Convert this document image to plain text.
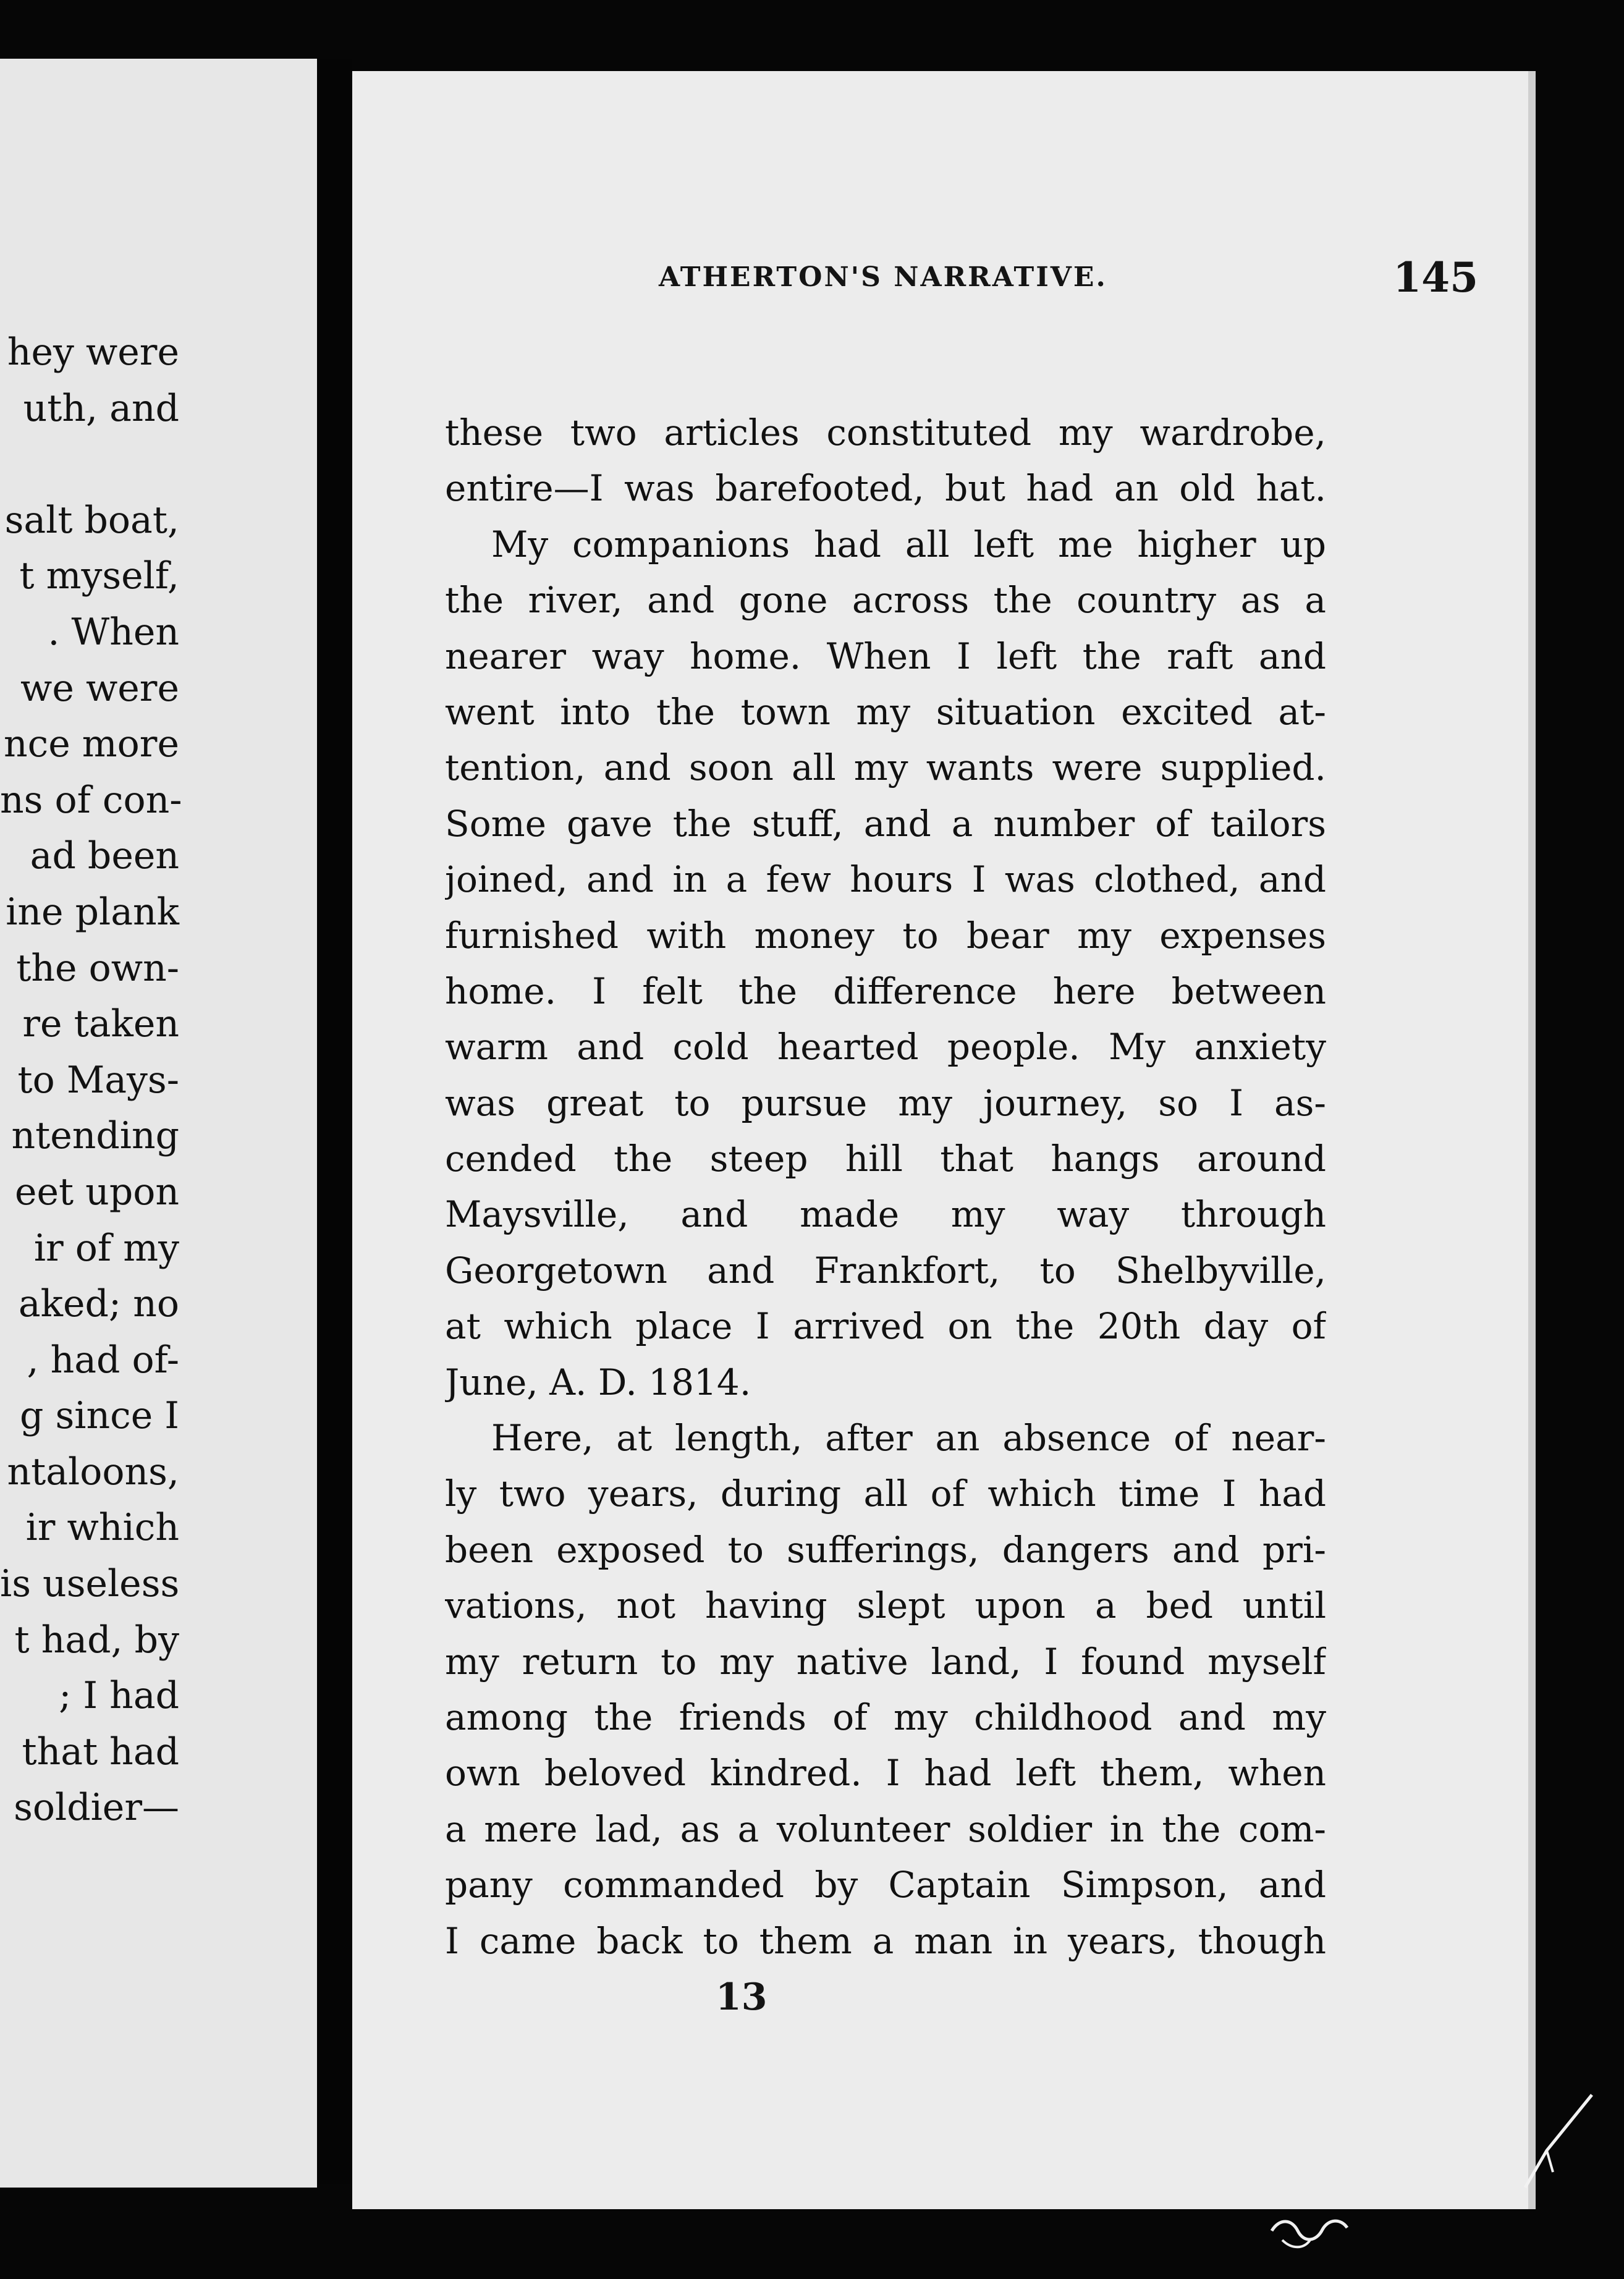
hey were
uth, and
salt boat,
t myself,
. When
we were
nce more
ns of con-
ad been
ine plank
the own-
re taken
to Mays-
ntending
eet upon
ir of my
aked; no
, had of-
g since I
ntaloons,
ir which
is useless
t had, by
; I had
that had
soldier—
ATHERTON'S NARRATIVE.	145
these two articles constituted my wardrobe,
entire—I was barefooted, but had an old hat.
My companions had all left me higher up
the river, and gone across the country as a
nearer way home. When I left the raft and
went into the town my situation excited at-
tention, and soon all my wants were supplied.
Some gave the stuff, and a number of tailors
joined, and in a few hours I was clothed, and
furnished with money to bear my expenses
home. I felt the difference here between
warm and cold hearted people. My anxiety
was great to pursue my journey, so I as-
cended the steep hill that hangs around
Maysville, and made my way through
Georgetown and Frankfort, to Shelbyville,
at which place I arrived on the 20th day of
June, A. D. 1814.
Here, at length, after an absence of near-
ly two years, during all of which time I had
been exposed to sufferings, dangers and pri-
vations, not having slept upon a bed until
my return to my native land, I found myself
among the friends of my childhood and my
own beloved kindred. I had left them, when
a mere lad, as a volunteer soldier in the com-
pany commanded by Captain Simpson, and
I came back to them a man in years, though
13
